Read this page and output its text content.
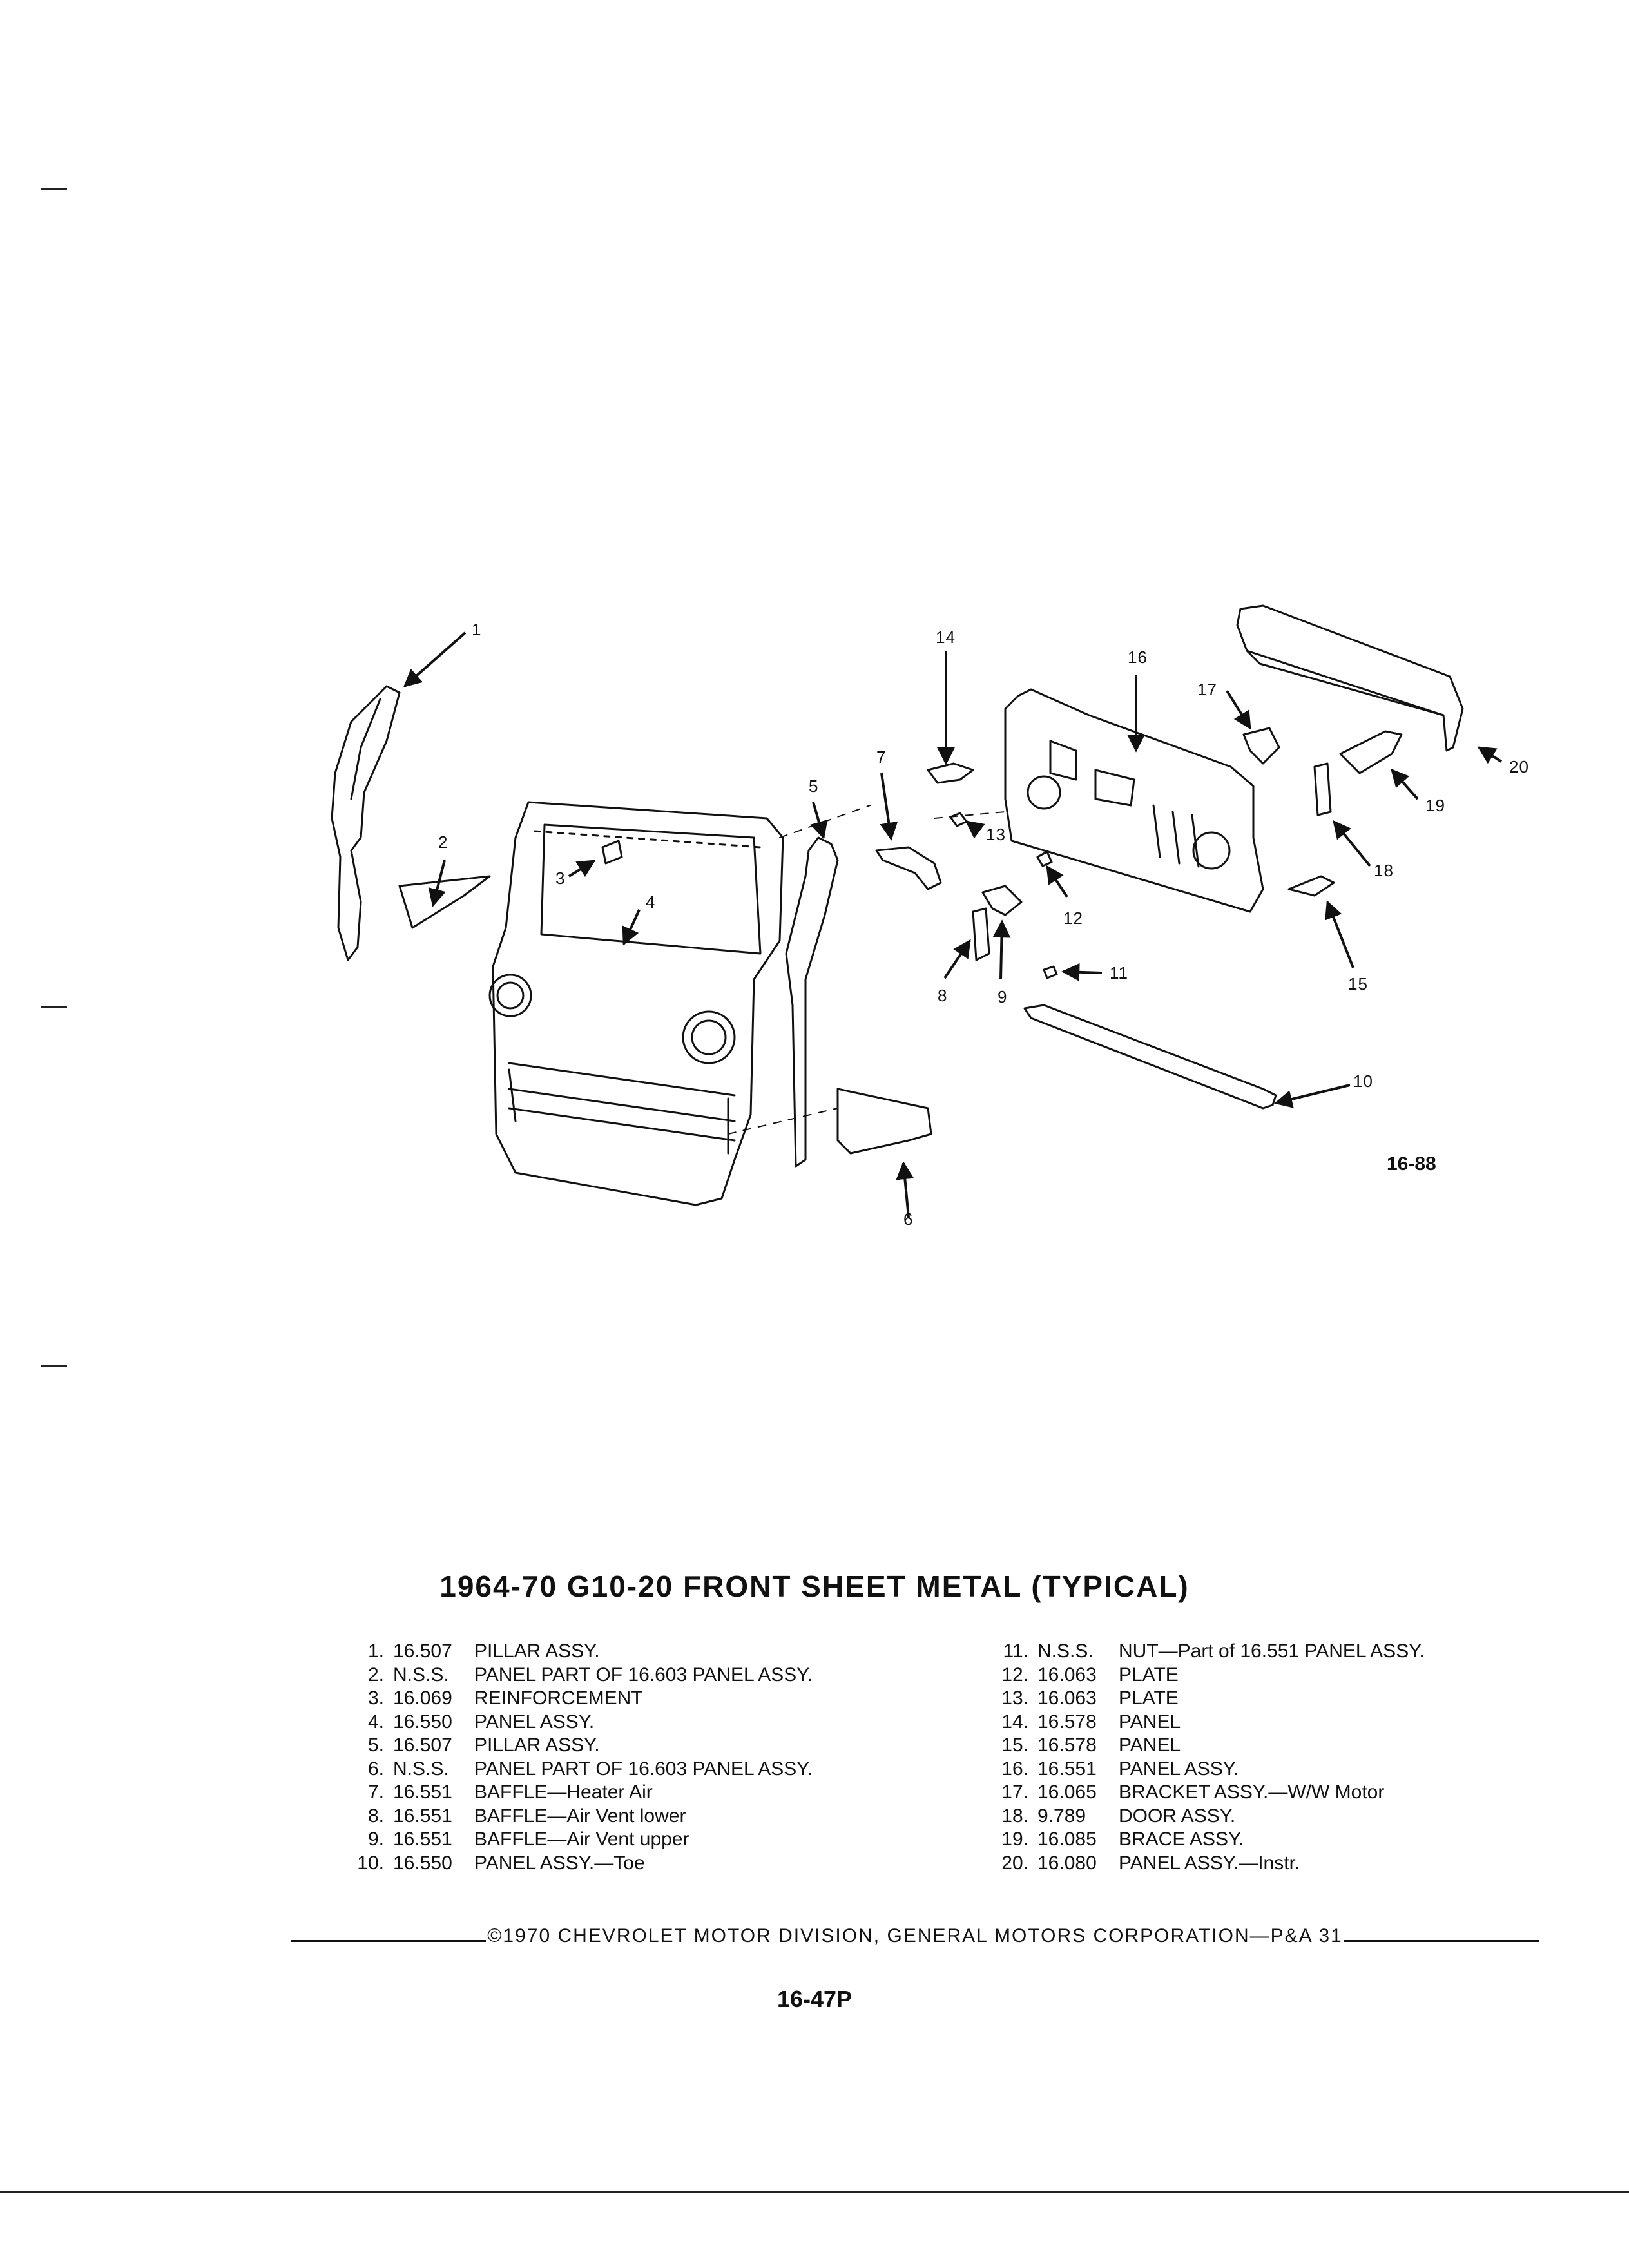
1
2
3
4
5
6
7
8	9
10
11
12
13
14
15
16
17
18
19
20
16-88
1964-70 G10-20 FRONT SHEET METAL (TYPICAL)
1. 16.507	PILLAR ASSY.
2. N.S.S.	PANEL PART OF 16.603 PANEL ASSY.
3. 16.069	REINFORCEMENT
4. 16.550	PANEL ASSY.
5. 16.507	PILLAR ASSY.
6. N.S.S.	PANEL PART OF 16.603 PANEL ASSY.
7. 16.551	BAFFLE—Heater Air
8. 16.551	BAFFLE—Air Vent lower
9. 16.551	BAFFLE—Air Vent upper
10. 16.550	PANEL ASSY.—Toe
11. N.S.S.	NUT—Part of 16.551 PANEL ASSY.
12. 16.063	PLATE
13. 16.063	PLATE
14. 16.578	PANEL
15. 16.578	PANEL
16. 16.551	PANEL ASSY.
17. 16.065	BRACKET ASSY.—W/W Motor
18. 9.789	DOOR ASSY.
19. 16.085	BRACE ASSY.
20. 16.080	PANEL ASSY.—Instr.
©1970 CHEVROLET MOTOR DIVISION, GENERAL MOTORS CORPORATION—P&A 31
16-47P
